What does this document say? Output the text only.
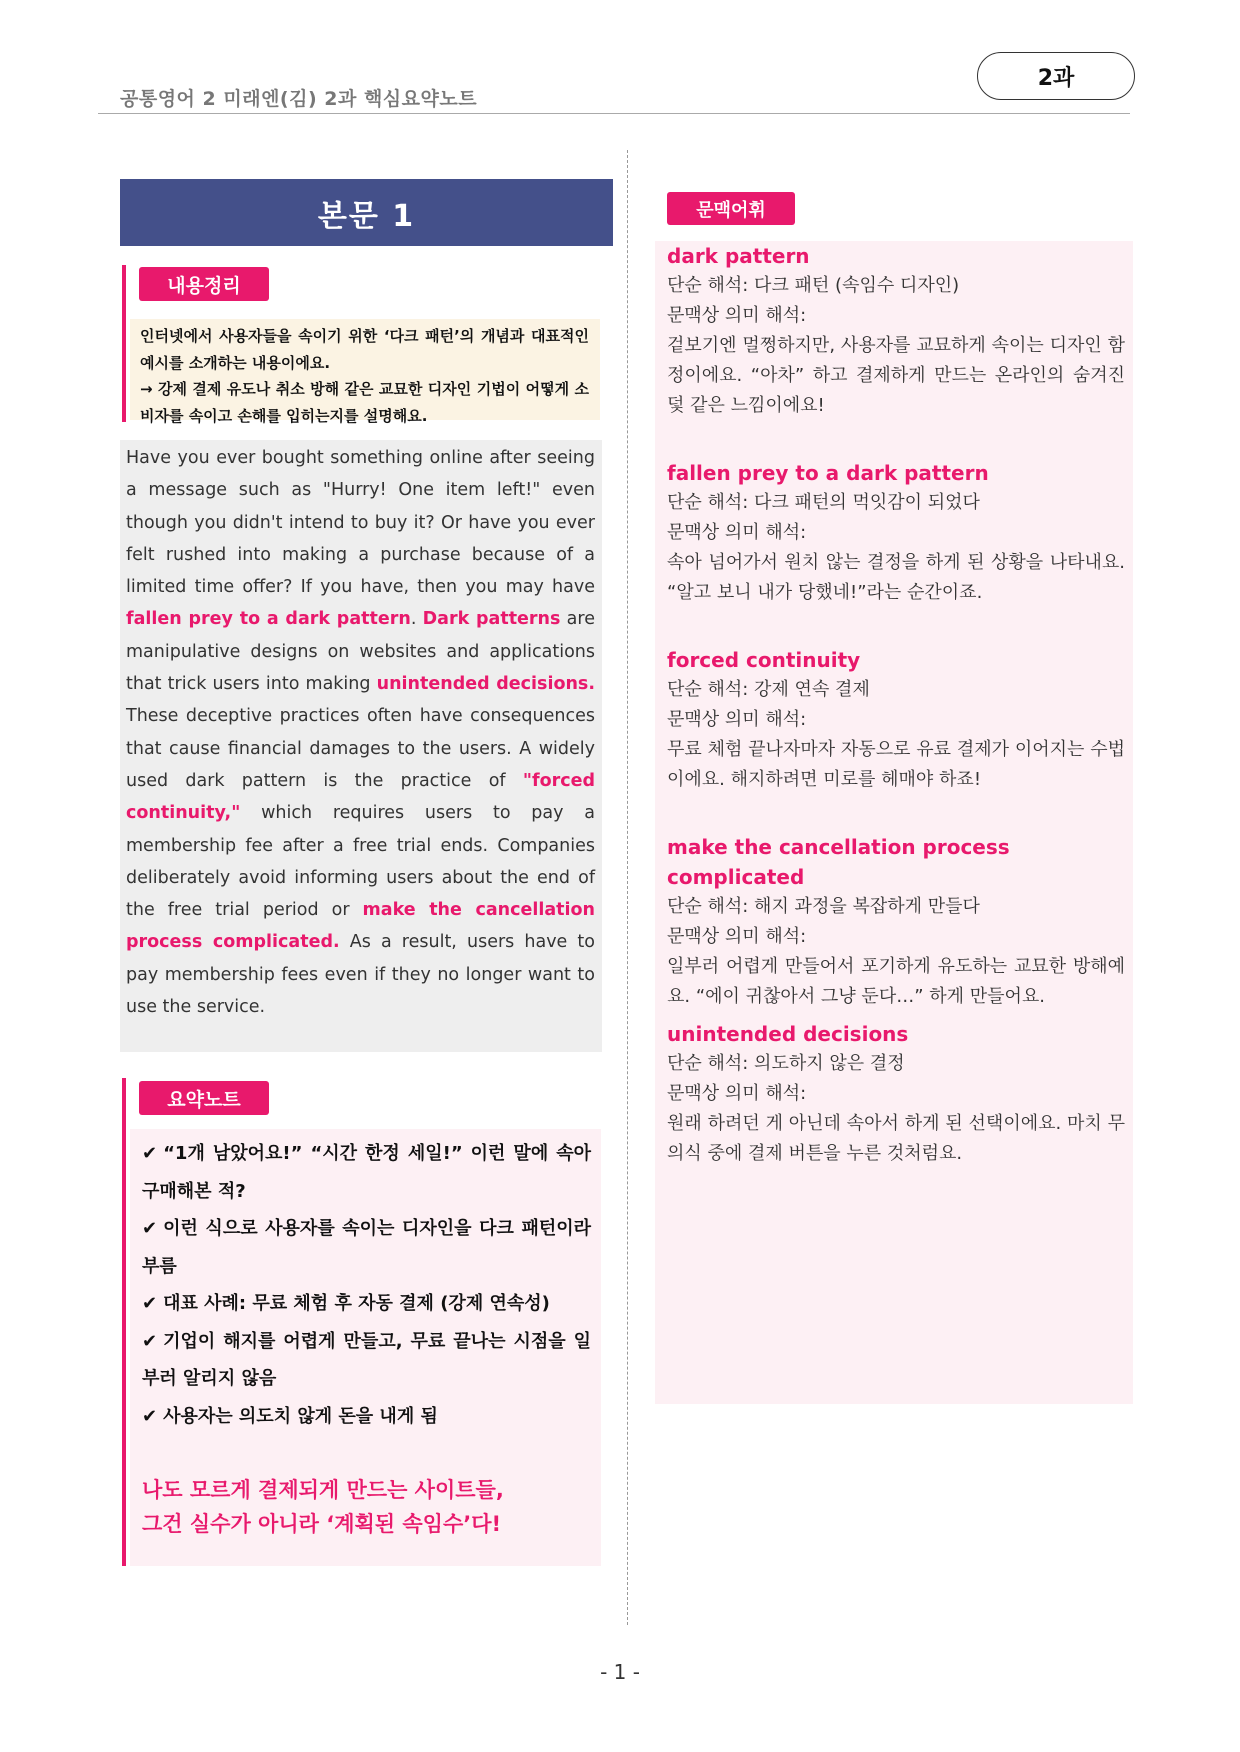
공통영어 2 미래엔(김) 2과 핵심요약노트
2과
본문 1
내용정리
인터넷에서 사용자들을 속이기 위한 ‘다크 패턴’의 개념과 대표적인 예시를 소개하는 내용이에요.
→ 강제 결제 유도나 취소 방해 같은 교묘한 디자인 기법이 어떻게 소비자를 속이고 손해를 입히는지를 설명해요.
Have you ever bought something online after seeing a message such as "Hurry! One item left!" even though you didn't intend to buy it? Or have you ever felt rushed into making a purchase because of a limited time offer? If you have, then you may have fallen prey to a dark pattern. Dark patterns are manipulative designs on websites and applications that trick users into making unintended decisions. These deceptive practices often have consequences that cause financial damages to the users. A widely used dark pattern is the practice of "forced continuity," which requires users to pay a membership fee after a free trial ends. Companies deliberately avoid informing users about the end of the free trial period or make the cancellation process complicated. As a result, users have to pay membership fees even if they no longer want to use the service.
요약노트
✔ “1개 남았어요!” “시간 한정 세일!” 이런 말에 속아 구매해본 적?
✔ 이런 식으로 사용자를 속이는 디자인을 다크 패턴이라 부름
✔ 대표 사례: 무료 체험 후 자동 결제 (강제 연속성)
✔ 기업이 해지를 어렵게 만들고, 무료 끝나는 시점을 일부러 알리지 않음
✔ 사용자는 의도치 않게 돈을 내게 됨
나도 모르게 결제되게 만드는 사이트들,
그건 실수가 아니라 ‘계획된 속임수’다!
문맥어휘
dark pattern
단순 해석: 다크 패턴 (속임수 디자인)
문맥상 의미 해석:
겉보기엔 멀쩡하지만, 사용자를 교묘하게 속이는 디자인 함정이에요. “아차” 하고 결제하게 만드는 온라인의 숨겨진 덫 같은 느낌이에요!
fallen prey to a dark pattern
단순 해석: 다크 패턴의 먹잇감이 되었다
문맥상 의미 해석:
속아 넘어가서 원치 않는 결정을 하게 된 상황을 나타내요. “알고 보니 내가 당했네!”라는 순간이죠.
forced continuity
단순 해석: 강제 연속 결제
문맥상 의미 해석:
무료 체험 끝나자마자 자동으로 유료 결제가 이어지는 수법이에요. 해지하려면 미로를 헤매야 하죠!
make the cancellation process complicated
단순 해석: 해지 과정을 복잡하게 만들다
문맥상 의미 해석:
일부러 어렵게 만들어서 포기하게 유도하는 교묘한 방해예요. “에이 귀찮아서 그냥 둔다…” 하게 만들어요.
unintended decisions
단순 해석: 의도하지 않은 결정
문맥상 의미 해석:
원래 하려던 게 아닌데 속아서 하게 된 선택이에요. 마치 무의식 중에 결제 버튼을 누른 것처럼요.
- 1 -
